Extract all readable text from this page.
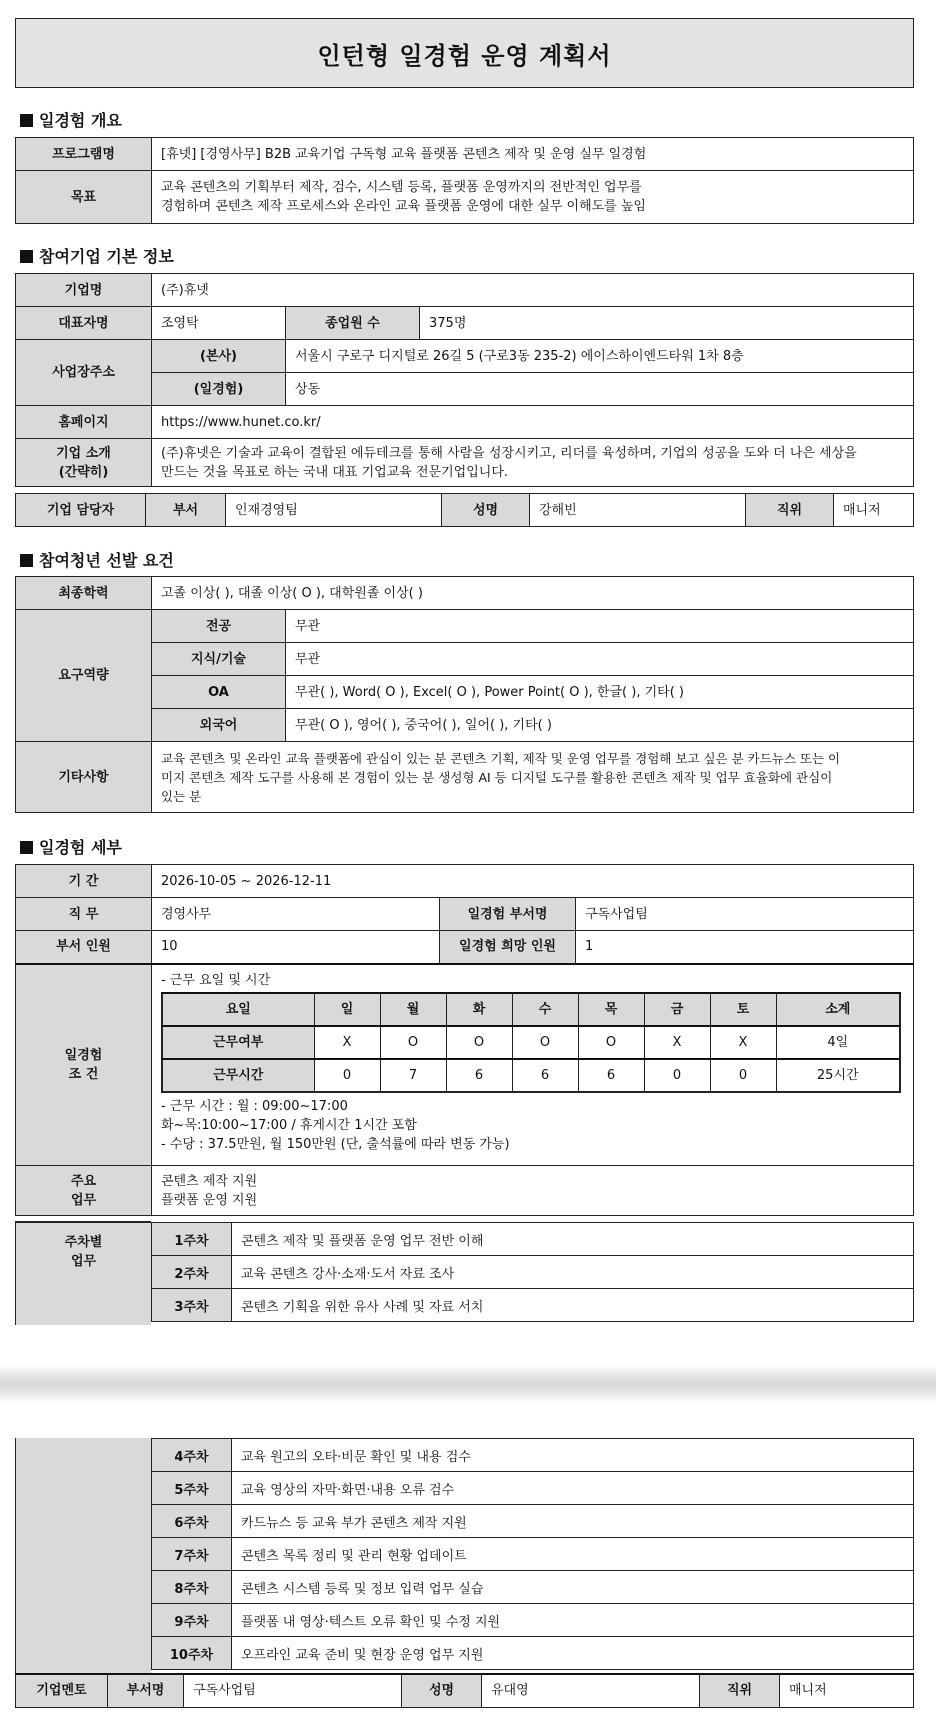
인턴형 일경험 운영 계획서
일경험 개요
프로그램명	[휴넷] [경영사무] B2B 교육기업 구독형 교육 플랫폼 콘텐츠 제작 및 운영 실무 일경험
목표	교육 콘텐츠의 기획부터 제작, 검수, 시스템 등록, 플랫폼 운영까지의 전반적인 업무를
경험하며 콘텐츠 제작 프로세스와 온라인 교육 플랫폼 운영에 대한 실무 이해도를 높임
참여기업 기본 정보
기업명	(주)휴넷		
대표자명	조영탁	종업원 수	375명
사업장주소	(본사)	서울시 구로구 디지털로 26길 5 (구로3동 235-2) 에이스하이엔드타워 1차 8층	
	(일경험)	상동	
홈페이지	https://www.hunet.co.kr/		

기업 소개
(간략히)	(주)휴넷은 기술과 교육이 결합된 에듀테크를 통해 사람을 성장시키고, 리더를 육성하며, 기업의 성공을 도와 더 나은 세상을
만드는 것을 목표로 하는 국내 대표 기업교육 전문기업입니다.		
기업 담당자	부서	인재경영팀	성명	강해빈	직위	매니저
참여청년 선발 요건
최종학력	고졸 이상( ), 대졸 이상( O ), 대학원졸 이상( )	
요구역량	전공	무관
	지식/기술	무관
	OA	무관( ), Word( O ), Excel( O ), Power Point( O ), 한글( ), 기타( )
	외국어	무관( O ), 영어( ), 중국어( ), 일어( ), 기타( )
기타사항	교육 콘텐츠 및 온라인 교육 플랫폼에 관심이 있는 분 콘텐츠 기획, 제작 및 운영 업무를 경험해 보고 싶은 분 카드뉴스 또는 이
미지 콘텐츠 제작 도구를 사용해 본 경험이 있는 분 생성형 AI 등 디지털 도구를 활용한 콘텐츠 제작 및 업무 효율화에 관심이
있는 분	
일경험 세부
기 간	2026-10-05 ~ 2026-12-11
직 무	경영사무	일경험 부서명	구독사업팀
부서 인원	10	일경험 희망 인원	1

일경험
조 건

- 근무 요일 및 시간
요일	일	월	화	수	목	금	토	소계
근무여부	X	O	O	O	O	X	X	4일
근무시간	0	7	6	6	6	0	0	25시간
- 근무 시간 : 월 : 09:00~17:00
화~목:10:00~17:00 / 휴게시간 1시간 포함
- 수당 : 37.5만원, 월 150만원 (단, 출석률에 따라 변동 가능)

주요
업무

콘텐츠 제작 지원
플랫폼 운영 지원
주차별
업무
1주차	콘텐츠 제작 및 플랫폼 운영 업무 전반 이해
2주차	교육 콘텐츠 강사·소재·도서 자료 조사
3주차	콘텐츠 기획을 위한 유사 사례 및 자료 서치
4주차	교육 원고의 오타·비문 확인 및 내용 검수
5주차	교육 영상의 자막·화면·내용 오류 검수
6주차	카드뉴스 등 교육 부가 콘텐츠 제작 지원
7주차	콘텐츠 목록 정리 및 관리 현황 업데이트
8주차	콘텐츠 시스템 등록 및 정보 입력 업무 실습
9주차	플랫폼 내 영상·텍스트 오류 확인 및 수정 지원
10주차	오프라인 교육 준비 및 현장 운영 업무 지원
기업멘토	부서명	구독사업팀	성명	유대영	직위	매니저
